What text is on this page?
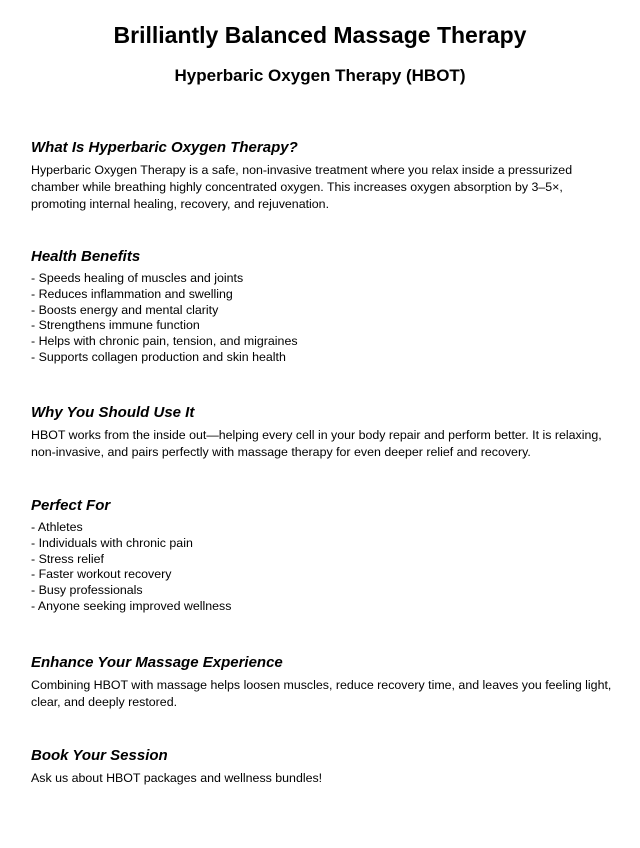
Brilliantly Balanced Massage Therapy
Hyperbaric Oxygen Therapy (HBOT)
What Is Hyperbaric Oxygen Therapy?

Hyperbaric Oxygen Therapy is a safe, non-invasive treatment where you relax inside a pressurized chamber while breathing highly concentrated oxygen. This increases oxygen absorption by 3–5×, promoting internal healing, recovery, and rejuvenation.

Health Benefits
- Speeds healing of muscles and joints
- Reduces inflammation and swelling
- Boosts energy and mental clarity
- Strengthens immune function
- Helps with chronic pain, tension, and migraines
- Supports collagen production and skin health
Why You Should Use It

HBOT works from the inside out—helping every cell in your body repair and perform better. It is relaxing, non-invasive, and pairs perfectly with massage therapy for even deeper relief and recovery.

Perfect For
- Athletes
- Individuals with chronic pain
- Stress relief
- Faster workout recovery
- Busy professionals
- Anyone seeking improved wellness
Enhance Your Massage Experience

Combining HBOT with massage helps loosen muscles, reduce recovery time, and leaves you feeling light, clear, and deeply restored.

Book Your Session

Ask us about HBOT packages and wellness bundles!
